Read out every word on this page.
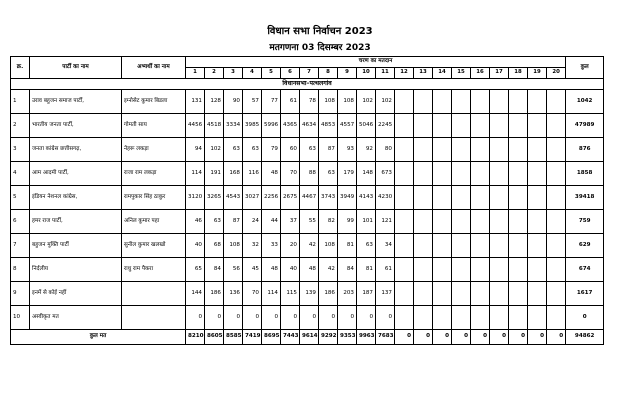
विधान सभा निर्वाचन 2023
मतगणना 03 दिसम्बर 2023
क्र.	पार्टी का नाम	अभ्यर्थी का नाम	चरण का मतदान																				कुल
			1	2	3	4	5	6	7	8	9	10	11	12	13	14	15	16	17	18	19	20	
विधानसभा–पत्थलगांव																							
1	उराव बहुजन समाज पार्टी,	इग्नोसेट कुमार बिडला	131	128	90	57	77	61	78	108	108	102	102										1042
2	भारतीय जनता पार्टी,	गोमती साय	4456	4518	3334	3985	5996	4365	4634	4853	4557	5046	2245										47989
3	जनता कांग्रेस छत्तीसगढ़,	नेहरू लकड़ा	94	102	63	63	79	60	63	87	93	92	80										876
4	आम आदमी पार्टी,	राजा राम लकड़ा	114	191	168	116	48	70	88	63	179	148	673										1858
5	इंडियन नेशनल कांग्रेस,	रामपुकार सिंह ठाकुर	3120	3265	4543	3027	2256	2675	4467	3743	3949	4143	4230										39418
6	हमर राज पार्टी,	अनिल कुमार पहा	46	63	87	24	44	37	55	82	99	101	121										759
7	बहुजन मुक्ति पार्टी	सुनील कुमार खलखो	40	68	108	32	33	20	42	108	81	63	34										629
8	निर्दलीय	राधु राम पैकरा	65	84	56	45	48	40	48	42	84	81	61										674
9	इनमें से कोई नहीं		144	186	136	70	114	115	139	186	203	187	137										1617
10	अस्वीकृत मत		0	0	0	0	0	0	0	0	0	0	0										0
कुल मत			8210	8605	8585	7419	8695	7443	9614	9292	9353	9963	7683	0	0	0	0	0	0	0	0	0	94862
